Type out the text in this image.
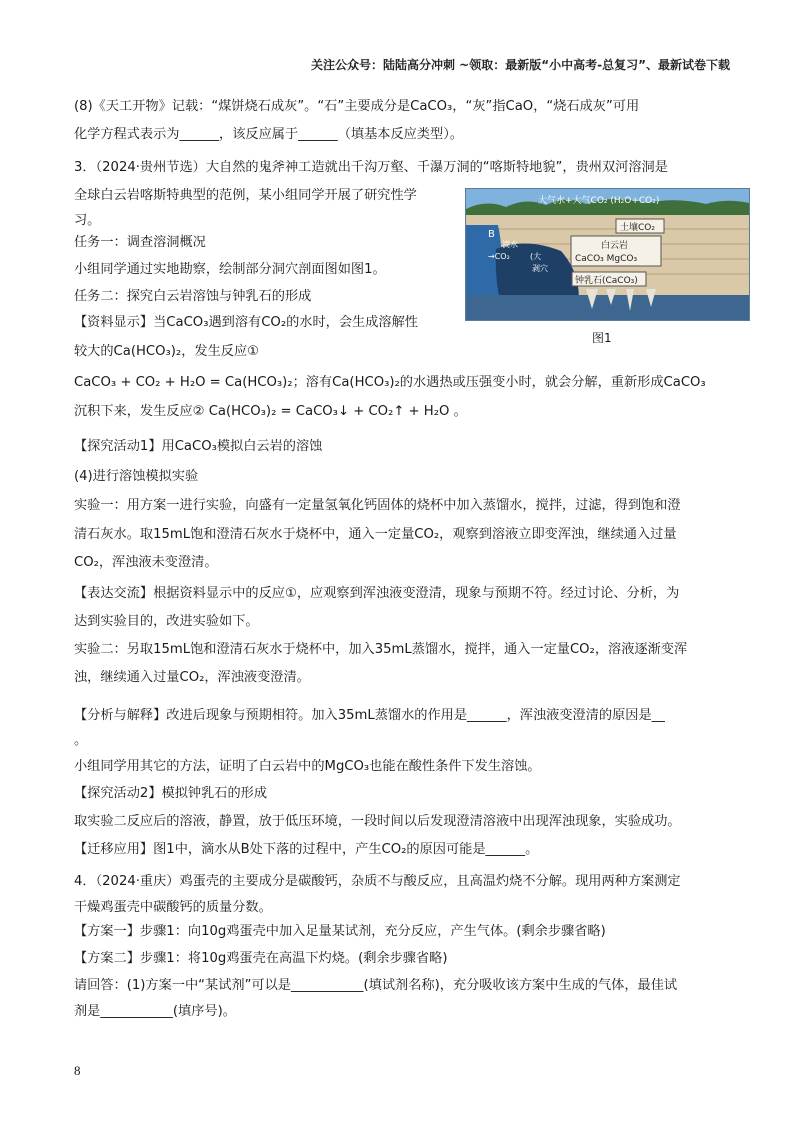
关注公众号：陆陆高分冲刺 ~领取：最新版“小中高考-总复习”、最新试卷下载
(8)《天工开物》记载：“煤饼烧石成灰”。“石”主要成分是CaCO₃，“灰”指CaO，“烧石成灰”可用
化学方程式表示为______，该反应属于______（填基本反应类型）。
3．（2024·贵州节选）大自然的鬼斧神工造就出千沟万壑、千瀑万洞的“喀斯特地貌”，贵州双河溶洞是
全球白云岩喀斯特典型的范例，某小组同学开展了研究性学
习。
任务一：调查溶洞概况
小组同学通过实地勘察，绘制部分洞穴剖面图如图1。
任务二：探究白云岩溶蚀与钟乳石的形成
【资料显示】当CaCO₃遇到溶有CO₂的水时，会生成溶解性
较大的Ca(HCO₃)₂，发生反应①
CaCO₃ + CO₂ + H₂O = Ca(HCO₃)₂；溶有Ca(HCO₃)₂的水遇热或压强变小时，就会分解，重新形成CaCO₃
沉积下来，发生反应② Ca(HCO₃)₂ = CaCO₃↓ + CO₂↑ + H₂O 。
【探究活动1】用CaCO₃模拟白云岩的溶蚀
(4)进行溶蚀模拟实验
实验一：用方案一进行实验，向盛有一定量氢氧化钙固体的烧杯中加入蒸馏水，搅拌，过滤，得到饱和澄
清石灰水。取15mL饱和澄清石灰水于烧杯中，通入一定量CO₂，观察到溶液立即变浑浊，继续通入过量
CO₂，浑浊液未变澄清。
【表达交流】根据资料显示中的反应①，应观察到浑浊液变澄清，现象与预期不符。经过讨论、分析，为
达到实验目的，改进实验如下。
实验二：另取15mL饱和澄清石灰水于烧杯中，加入35mL蒸馏水，搅拌，通入一定量CO₂，溶液逐渐变浑
浊，继续通入过量CO₂，浑浊液变澄清。
【分析与解释】改进后现象与预期相符。加入35mL蒸馏水的作用是______，浑浊液变澄清的原因是__
。
小组同学用其它的方法，证明了白云岩中的MgCO₃也能在酸性条件下发生溶蚀。
【探究活动2】模拟钟乳石的形成
取实验二反应后的溶液，静置，放于低压环境，一段时间以后发现澄清溶液中出现浑浊现象，实验成功。
【迁移应用】图1中，滴水从B处下落的过程中，产生CO₂的原因可能是______。
4．（2024·重庆）鸡蛋壳的主要成分是碳酸钙，杂质不与酸反应，且高温灼烧不分解。现用两种方案测定
干燥鸡蛋壳中碳酸钙的质量分数。
【方案一】步骤1：向10g鸡蛋壳中加入足量某试剂，充分反应，产生气体。(剩余步骤省略)
【方案二】步骤1：将10g鸡蛋壳在高温下灼烧。(剩余步骤省略)
请回答：(1)方案一中“某试剂”可以是___________(填试剂名称)，充分吸收该方案中生成的气体，最佳试
剂是___________(填序号)。
大气水+大气CO₂ (H₂O+CO₂)
土壤CO₂
白云岩
CaCO₃ MgCO₃
钟乳石(CaCO₃)
B
滴水
→CO₂	(大
剥穴
图1
8
